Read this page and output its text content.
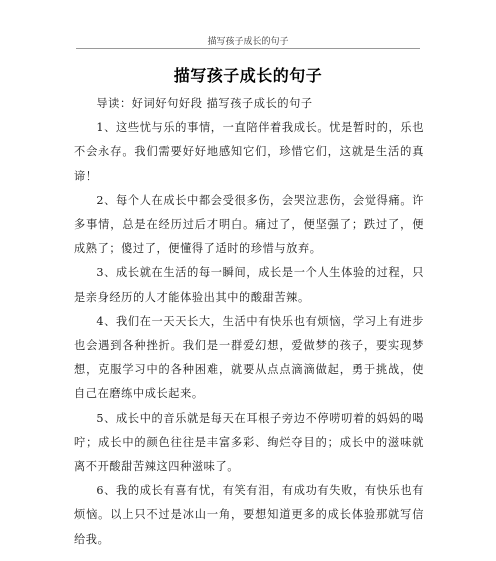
描写孩子成长的句子
描写孩子成长的句子

导读：好词好句好段 描写孩子成长的句子

1、这些忧与乐的事情，一直陪伴着我成长。忧是暂时的，乐也不会永存。我们需要好好地感知它们，珍惜它们，这就是生活的真谛！

2、每个人在成长中都会受很多伤，会哭泣悲伤，会觉得痛。许多事情，总是在经历过后才明白。痛过了，便坚强了；跌过了，便成熟了；傻过了，便懂得了适时的珍惜与放弃。

3、成长就在生活的每一瞬间，成长是一个人生体验的过程，只是亲身经历的人才能体验出其中的酸甜苦辣。

4、我们在一天天长大，生活中有快乐也有烦恼，学习上有进步也会遇到各种挫折。我们是一群爱幻想，爱做梦的孩子，要实现梦想，克服学习中的各种困难，就要从点点滴滴做起，勇于挑战，使自己在磨练中成长起来。

5、成长中的音乐就是每天在耳根子旁边不停唠叨着的妈妈的喝咛；成长中的颜色往往是丰富多彩、绚烂夺目的；成长中的滋味就离不开酸甜苦辣这四种滋味了。

6、我的成长有喜有忧，有笑有泪，有成功有失败，有快乐也有烦恼。以上只不过是冰山一角，要想知道更多的成长体验那就写信给我。
